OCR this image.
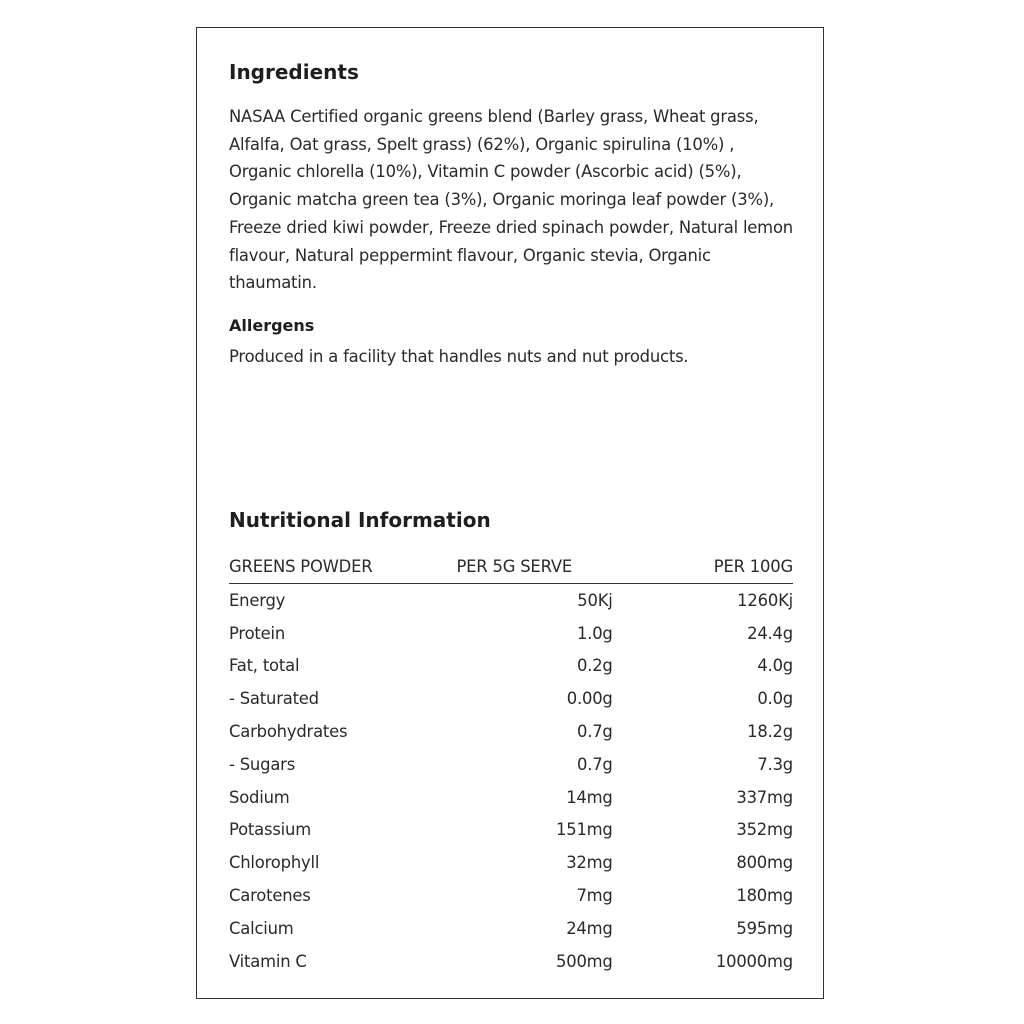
Ingredients

NASAA Certified organic greens blend (Barley grass, Wheat grass, Alfalfa, Oat grass, Spelt grass) (62%), Organic spirulina (10%) , Organic chlorella (10%), Vitamin C powder (Ascorbic acid) (5%), Organic matcha green tea (3%), Organic moringa leaf powder (3%), Freeze dried kiwi powder, Freeze dried spinach powder, Natural lemon flavour, Natural peppermint flavour, Organic stevia, Organic thaumatin.

Allergens

Produced in a facility that handles nuts and nut products.

Nutritional Information
GREENS POWDER	PER 5G SERVE	PER 100G
Energy	50Kj	1260Kj
Protein	1.0g	24.4g
Fat, total	0.2g	4.0g
- Saturated	0.00g	0.0g
Carbohydrates	0.7g	18.2g
- Sugars	0.7g	7.3g
Sodium	14mg	337mg
Potassium	151mg	352mg
Chlorophyll	32mg	800mg
Carotenes	7mg	180mg
Calcium	24mg	595mg
Vitamin C	500mg	10000mg
